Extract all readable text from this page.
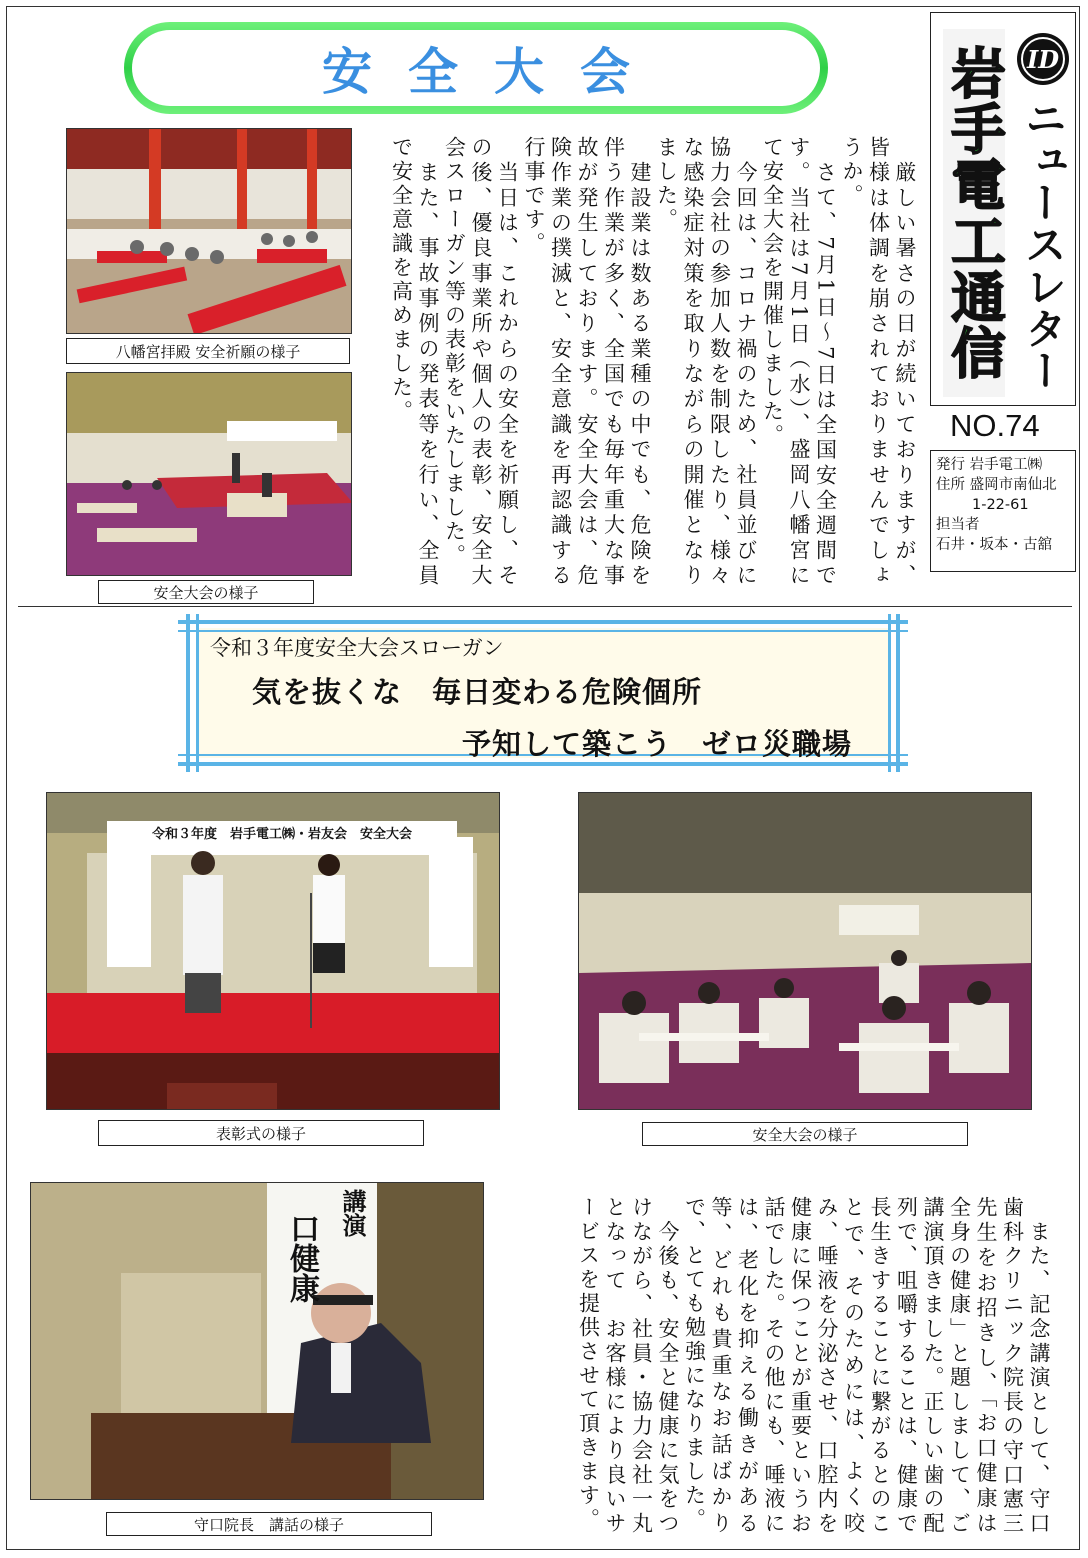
安全大会	岩手電工通信 ID
ニュースレター
NO.74
発行 岩手電工㈱
住所 盛岡市南仙北
1-22-61
担当者
石井・坂本・古舘

　厳しい暑さの日が続いておりますが、皆様は体調を崩されておりませんでしょうか。

　さて、7月1日～7日は全国安全週間です。当社は7月1日（水）、盛岡八幡宮にて安全大会を開催しました。

　今回は、コロナ禍のため、社員並びに協力会社の参加人数を制限したり、様々な感染症対策を取りながらの開催となりました。

　建設業は数ある業種の中でも、危険を伴う作業が多く、全国でも毎年重大な事故が発生しております。安全大会は、危険作業の撲滅と、安全意識を再認識する行事です。

　当日は、これからの安全を祈願し、その後、優良事業所や個人の表彰、安全大会スローガン等の表彰をいたしました。

　また、事故事例の発表等を行い、全員で安全意識を高めました。

八幡宮拝殿 安全祈願の様子
安全大会の様子
令和３年度安全大会スローガン
気を抜くな　毎日変わる危険個所
予知して築こう　ゼロ災職場
令和３年度　岩手電工㈱・岩友会　安全大会
表彰式の様子	安全大会の様子
講演
口健康
守口院長　講話の様子	　また、記念講演として、守口歯科クリニック院長の守口憲三先生をお招きし、「お口健康は全身の健康」と題しまして、ご講演頂きました。正しい歯の配列で、咀嚼することは、健康で長生きすることに繋がるとのことで、そのためには、よく咬み、唾液を分泌させ、口腔内を健康に保つことが重要というお話でした。その他にも、唾液には、老化を抑える働きがある等、どれも貴重なお話ばかりで、とても勉強になりました。

　今後も、安全と健康に気をつけながら、社員・協力会社一丸となって　お客様により良いサービスを提供させて頂きます。
